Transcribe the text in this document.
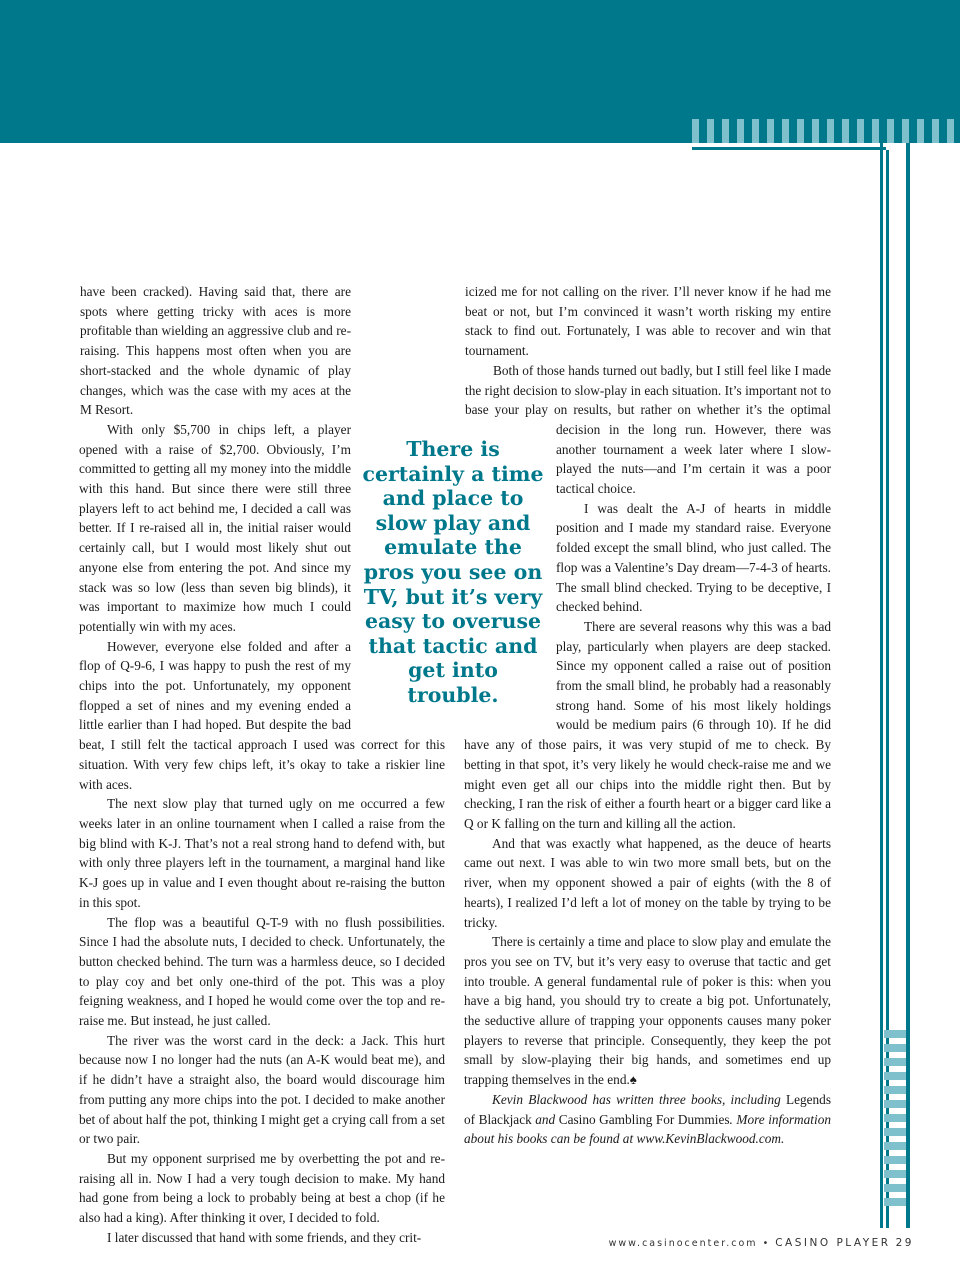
have been cracked). Having said that, there are spots where getting tricky with aces is more profitable than wielding an aggressive club and re-raising. This happens most often when you are short-stacked and the whole dynamic of play changes, which was the case with my aces at the M Resort.

With only $5,700 in chips left, a player opened with a raise of $2,700. Obviously, I’m committed to getting all my money into the middle with this hand. But since there were still three players left to act behind me, I decided a call was better. If I re-raised all in, the initial raiser would certainly call, but I would most likely shut out anyone else from entering the pot. And since my stack was so low (less than seven big blinds), it was important to maximize how much I could potentially win with my aces.

However, everyone else folded and after a flop of Q-9-6, I was happy to push the rest of my chips into the pot. Unfortunately, my opponent flopped a set of nines and my evening ended a little earlier than I had hoped. But despite the bad beat, I still felt the tactical approach I used was correct for this situation. With very few chips left, it’s okay to take a riskier line with aces.

The next slow play that turned ugly on me occurred a few weeks later in an online tournament when I called a raise from the big blind with K-J. That’s not a real strong hand to defend with, but with only three players left in the tournament, a marginal hand like K-J goes up in value and I even thought about re-raising the button in this spot.

The flop was a beautiful Q-T-9 with no flush possibilities. Since I had the absolute nuts, I decided to check. Unfortunately, the button checked behind. The turn was a harmless deuce, so I decided to play coy and bet only one-third of the pot. This was a ploy feigning weakness, and I hoped he would come over the top and re-raise me. But instead, he just called.

The river was the worst card in the deck: a Jack. This hurt because now I no longer had the nuts (an A-K would beat me), and if he didn’t have a straight also, the board would discourage him from putting any more chips into the pot. I decided to make another bet of about half the pot, thinking I might get a crying call from a set or two pair.

But my opponent surprised me by overbetting the pot and re-raising all in. Now I had a very tough decision to make. My hand had gone from being a lock to probably being at best a chop (if he also had a king). After thinking it over, I decided to fold.

I later discussed that hand with some friends, and they crit-

icized me for not calling on the river. I’ll never know if he had me beat or not, but I’m convinced it wasn’t worth risking my entire stack to find out. Fortunately, I was able to recover and win that tournament.

Both of those hands turned out badly, but I still feel like I made the right decision to slow-play in each situation. It’s important not to base your play on results, but rather on whether it’s the optimal decision in the long run. However, there was another tournament a week later where I slow-played the nuts—and I’m certain it was a poor tactical choice.

I was dealt the A-J of hearts in middle position and I made my standard raise. Everyone folded except the small blind, who just called. The flop was a Valentine’s Day dream—7-4-3 of hearts. The small blind checked. Trying to be deceptive, I checked behind.

There are several reasons why this was a bad play, particularly when players are deep stacked. Since my opponent called a raise out of position from the small blind, he probably had a reasonably strong hand. Some of his most likely holdings would be medium pairs (6 through 10). If he did have any of those pairs, it was very stupid of me to check. By betting in that spot, it’s very likely he would check-raise me and we might even get all our chips into the middle right then. But by checking, I ran the risk of either a fourth heart or a bigger card like a Q or K falling on the turn and killing all the action.

And that was exactly what happened, as the deuce of hearts came out next. I was able to win two more small bets, but on the river, when my opponent showed a pair of eights (with the 8 of hearts), I realized I’d left a lot of money on the table by trying to be tricky.

There is certainly a time and place to slow play and emulate the pros you see on TV, but it’s very easy to overuse that tactic and get into trouble. A general fundamental rule of poker is this: when you have a big hand, you should try to create a big pot. Unfortunately, the seductive allure of trapping your opponents causes many poker players to reverse that principle. Consequently, they keep the pot small by slow-playing their big hands, and sometimes end up trapping themselves in the end.♠

Kevin Blackwood has written three books, including Legends of Blackjack and Casino Gambling For Dummies. More information about his books can be found at www.KevinBlackwood.com.

There is certainly a time and place to slow play and emulate the pros you see on TV, but it’s very easy to overuse that tactic and get into trouble.
www.casinocenter.com • CASINO PLAYER 29
